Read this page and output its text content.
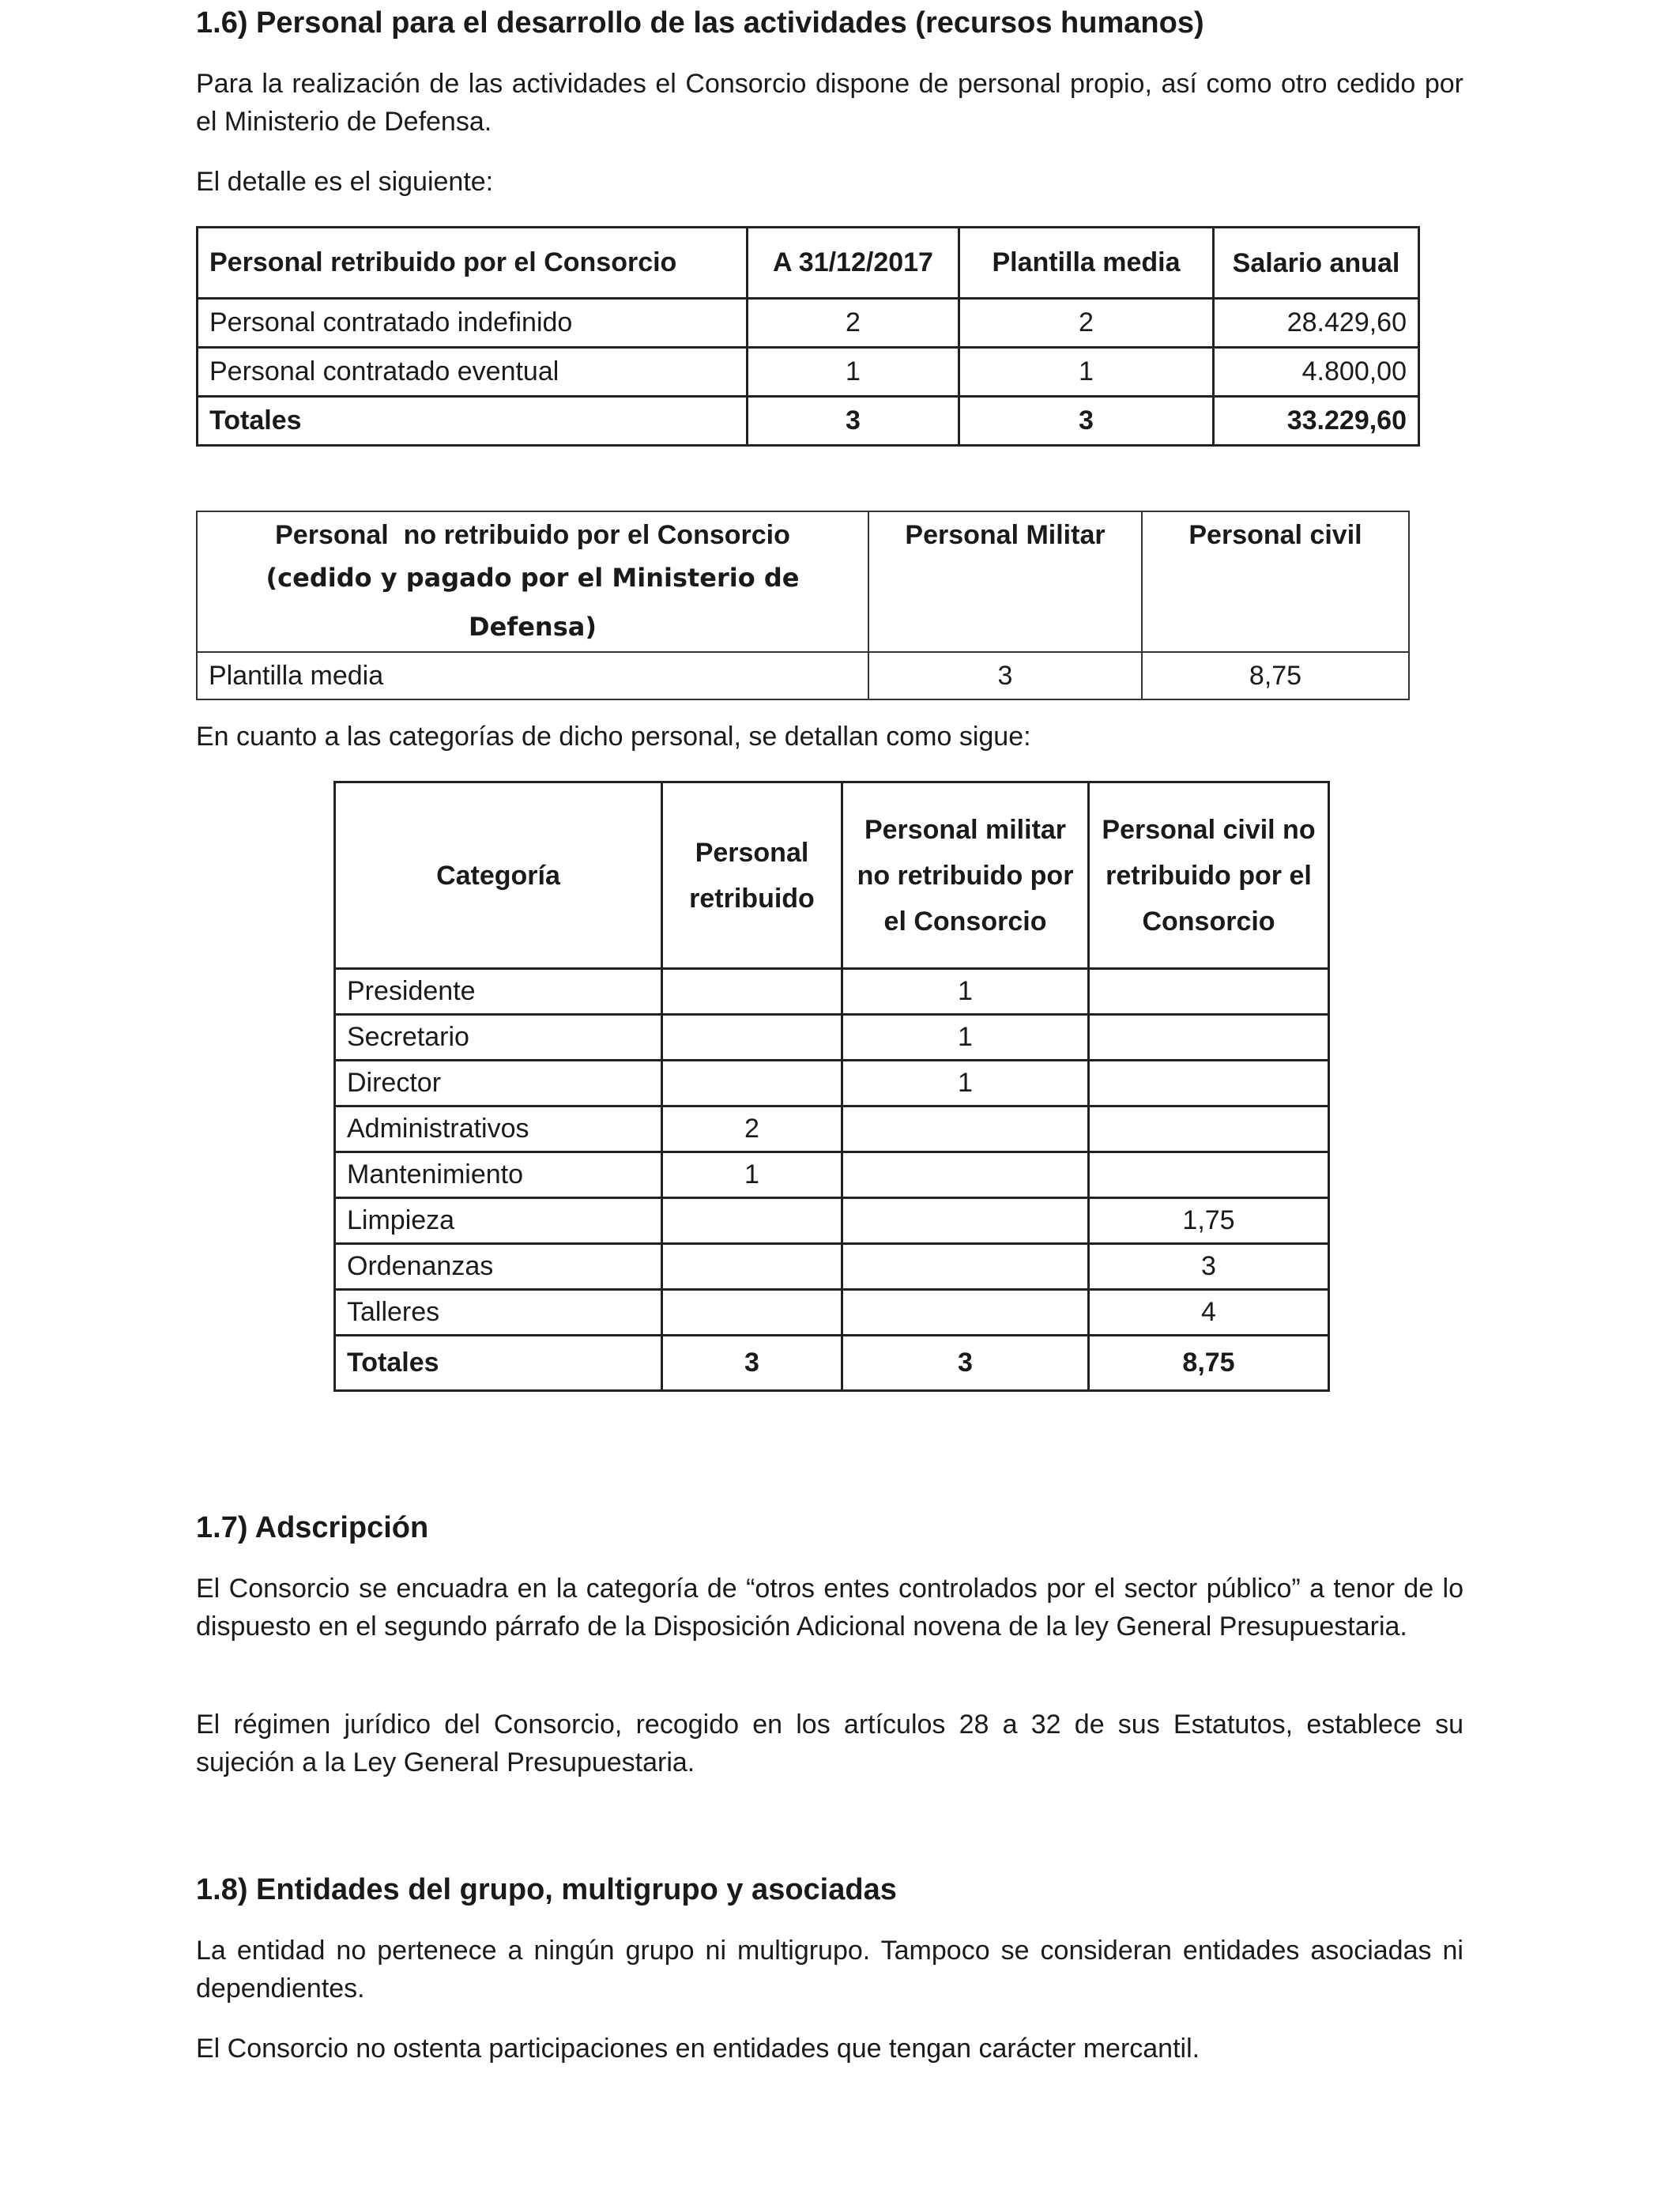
1.6) Personal para el desarrollo de las actividades (recursos humanos)

Para la realización de las actividades el Consorcio dispone de personal propio, así como otro cedido por el Ministerio de Defensa.

El detalle es el siguiente:

Personal retribuido por el Consorcio	A 31/12/2017	Plantilla media	Salario anual
Personal contratado indefinido	2	2	28.429,60
Personal contratado eventual	1	1	4.800,00
Totales	3	3	33.229,60
Personal  no retribuido por el Consorcio
(cedido y pagado por el Ministerio de Defensa)	Personal Militar	Personal civil
Plantilla media	3	8,75

En cuanto a las categorías de dicho personal, se detallan como sigue:

Categoría	Personal retribuido	Personal militar no retribuido por el Consorcio	Personal civil no retribuido por el Consorcio
Presidente		1	
Secretario		1	
Director		1	
Administrativos	2		
Mantenimiento	1		
Limpieza			1,75
Ordenanzas			3
Talleres			4
Totales	3	3	8,75
1.7) Adscripción

El Consorcio se encuadra en la categoría de “otros entes controlados por el sector público” a tenor de lo dispuesto en el segundo párrafo de la Disposición Adicional novena de la ley General Presupuestaria.

El régimen jurídico del Consorcio, recogido en los artículos 28 a 32 de sus Estatutos, establece su sujeción a la Ley General Presupuestaria.

1.8) Entidades del grupo, multigrupo y asociadas

La entidad no pertenece a ningún grupo ni multigrupo. Tampoco se consideran entidades asociadas ni dependientes.

El Consorcio no ostenta participaciones en entidades que tengan carácter mercantil.
